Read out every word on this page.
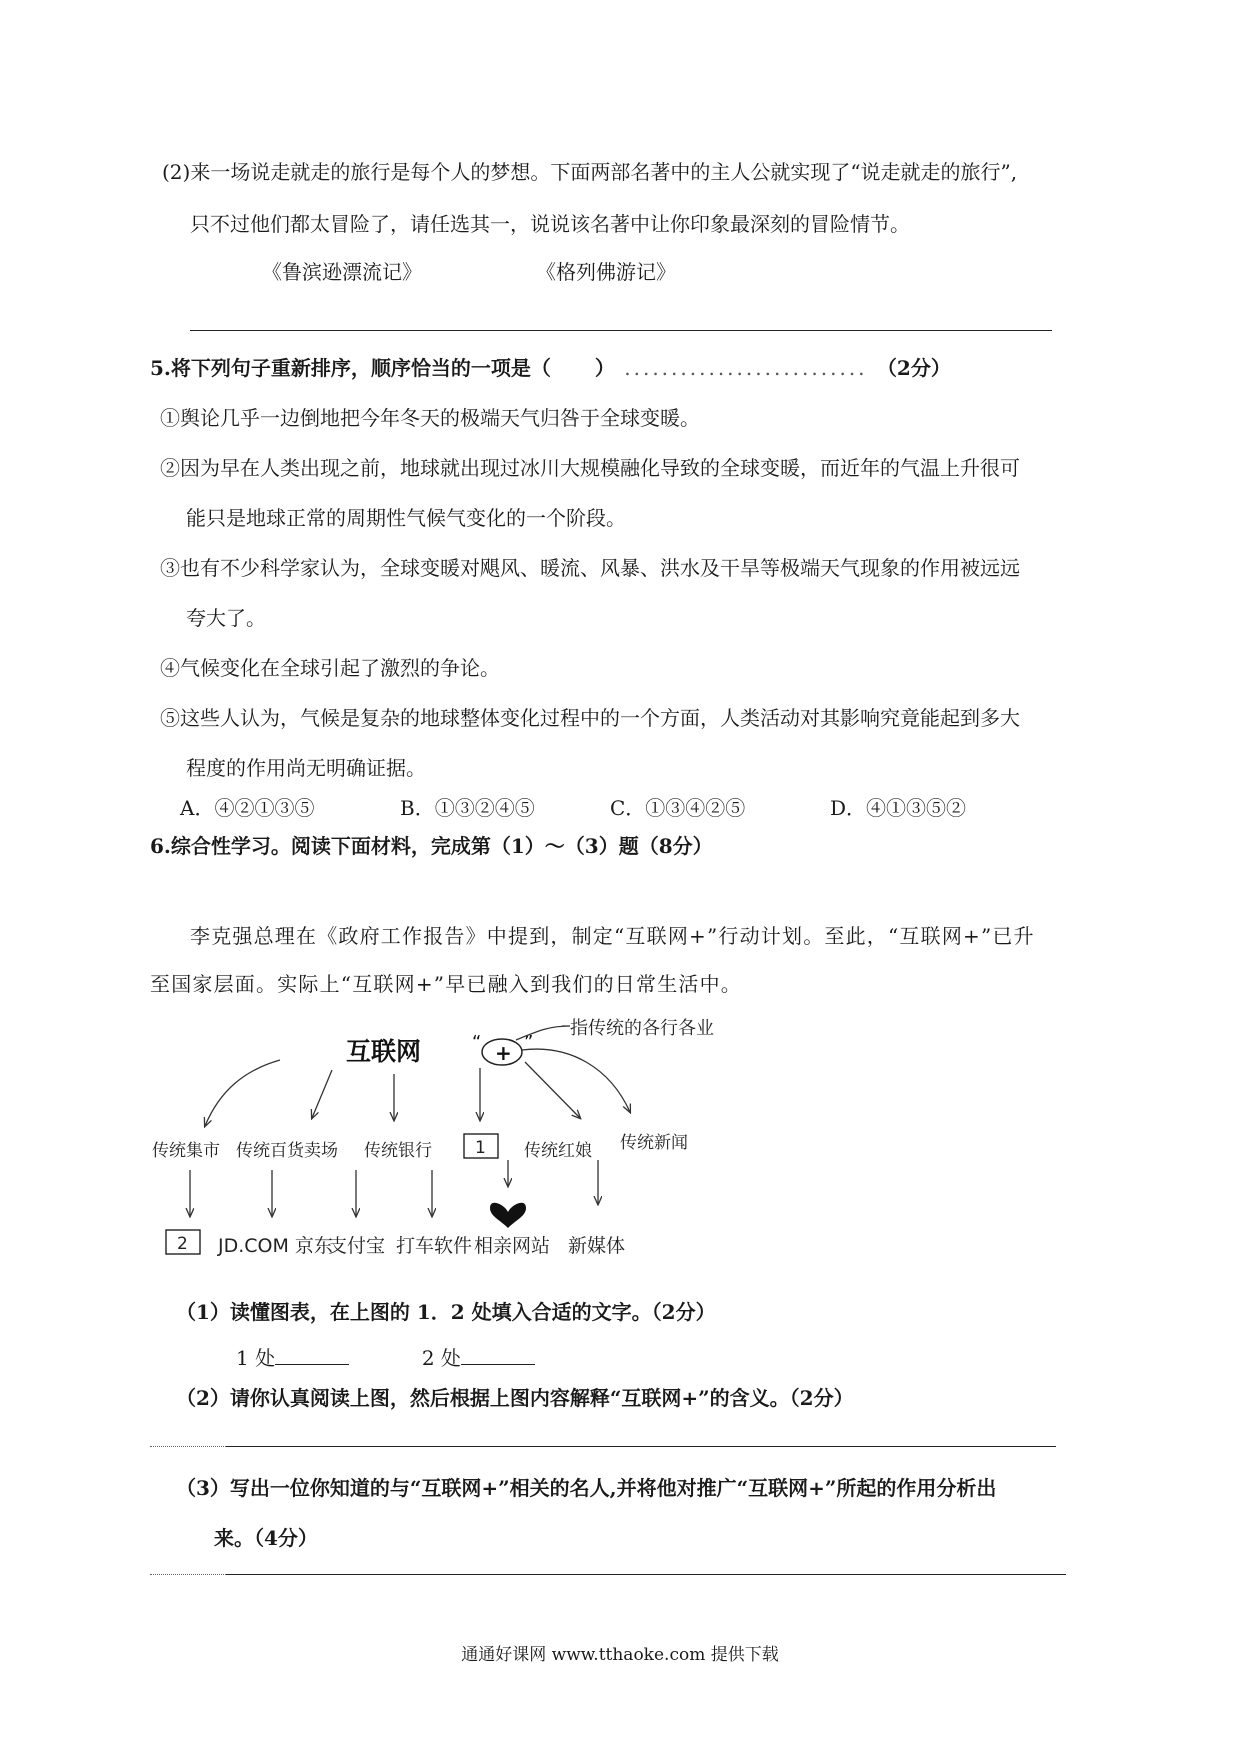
(2)来一场说走就走的旅行是每个人的梦想。下面两部名著中的主人公就实现了“说走就走的旅行”,
只不过他们都太冒险了，请任选其一，说说该名著中让你印象最深刻的冒险情节。
《鲁滨逊漂流记》	《格列佛游记》
5.将下列句子重新排序，顺序恰当的一项是（ ） .......................... （2分）
①舆论几乎一边倒地把今年冬天的极端天气归咎于全球变暖。
②因为早在人类出现之前，地球就出现过冰川大规模融化导致的全球变暖，而近年的气温上升很可
能只是地球正常的周期性气候气变化的一个阶段。
③也有不少科学家认为，全球变暖对飓风、暖流、风暴、洪水及干旱等极端天气现象的作用被远远
夸大了。
④气候变化在全球引起了激烈的争论。
⑤这些人认为，气候是复杂的地球整体变化过程中的一个方面，人类活动对其影响究竟能起到多大
程度的作用尚无明确证据。
A．④②①③⑤	B．①③②④⑤	C．①③④②⑤	D．④①③⑤②
6.综合性学习。阅读下面材料，完成第（1）～（3）题（8分）
李克强总理在《政府工作报告》中提到，制定“互联网+”行动计划。至此，“互联网+”已升
至国家层面。实际上“互联网+”早已融入到我们的日常生活中。
互联网	“ + ”
指传统的各行各业
传统集市 传统百货卖场 传统银行	1 传统红娘 传统新闻
2 JD.COM 京东
支付宝 打车软件 相亲网站 新媒体
（1）读懂图表，在上图的 1．2 处填入合适的文字。（2分）
1 处	2 处
（2）请你认真阅读上图，然后根据上图内容解释“互联网+”的含义。（2分）
（3）写出一位你知道的与“互联网+”相关的名人,并将他对推广“互联网+”所起的作用分析出
来。（4分）
通通好课网 www.tthaoke.com 提供下载
